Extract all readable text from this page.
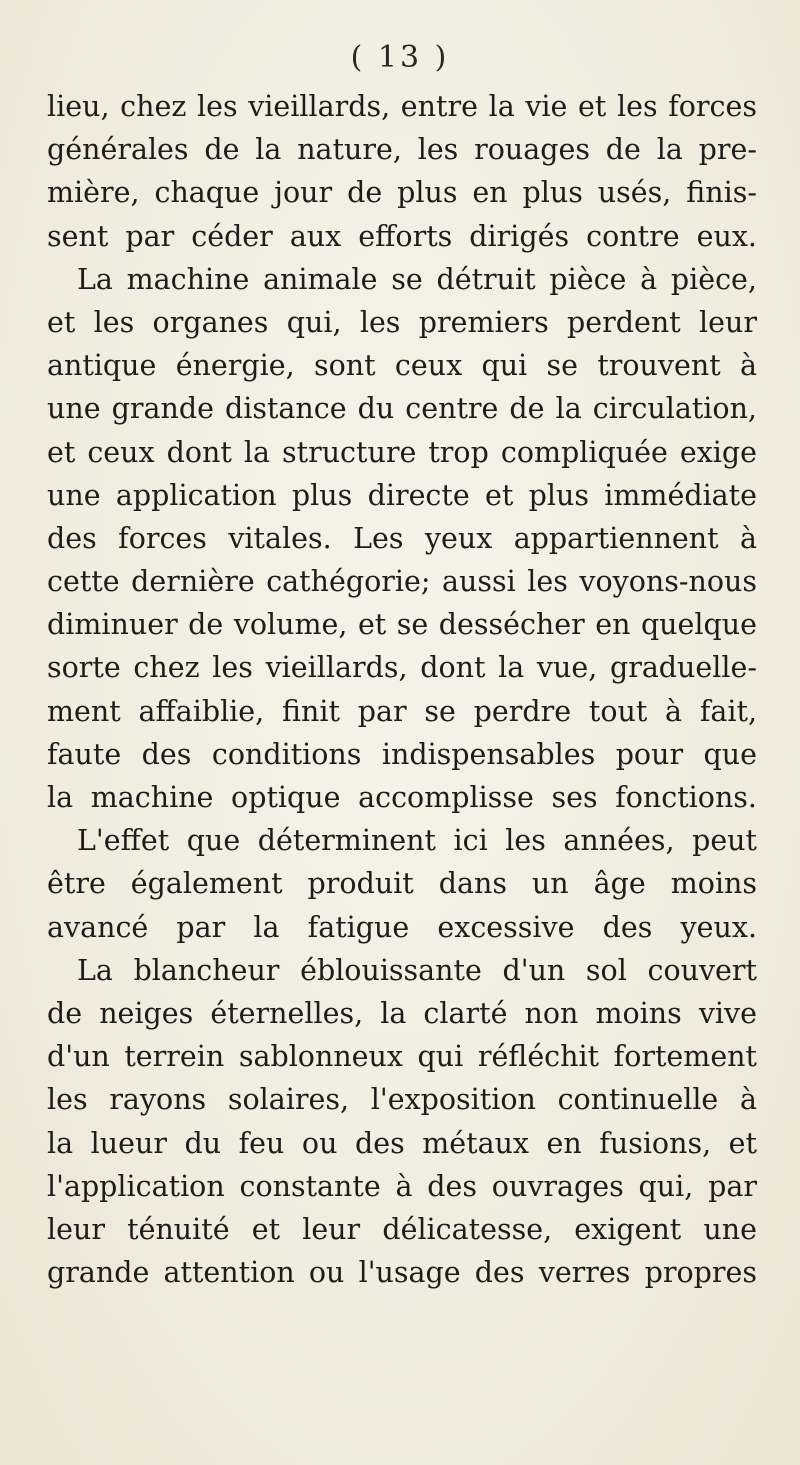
( 13 )
lieu, chez les vieillards, entre la vie et les forces
générales de la nature, les rouages de la pre-
mière, chaque jour de plus en plus usés, finis-
sent par céder aux efforts dirigés contre eux.
La machine animale se détruit pièce à pièce,
et les organes qui, les premiers perdent leur
antique énergie, sont ceux qui se trouvent à
une grande distance du centre de la circulation,
et ceux dont la structure trop compliquée exige
une application plus directe et plus immédiate
des forces vitales. Les yeux appartiennent à
cette dernière cathégorie; aussi les voyons-nous
diminuer de volume, et se dessécher en quelque
sorte chez les vieillards, dont la vue, graduelle-
ment affaiblie, finit par se perdre tout à fait,
faute des conditions indispensables pour que
la machine optique accomplisse ses fonctions.
L'effet que déterminent ici les années, peut
être également produit dans un âge moins
avancé par la fatigue excessive des yeux.
La blancheur éblouissante d'un sol couvert
de neiges éternelles, la clarté non moins vive
d'un terrein sablonneux qui réfléchit fortement
les rayons solaires, l'exposition continuelle à
la lueur du feu ou des métaux en fusions, et
l'application constante à des ouvrages qui, par
leur ténuité et leur délicatesse, exigent une
grande attention ou l'usage des verres propres
